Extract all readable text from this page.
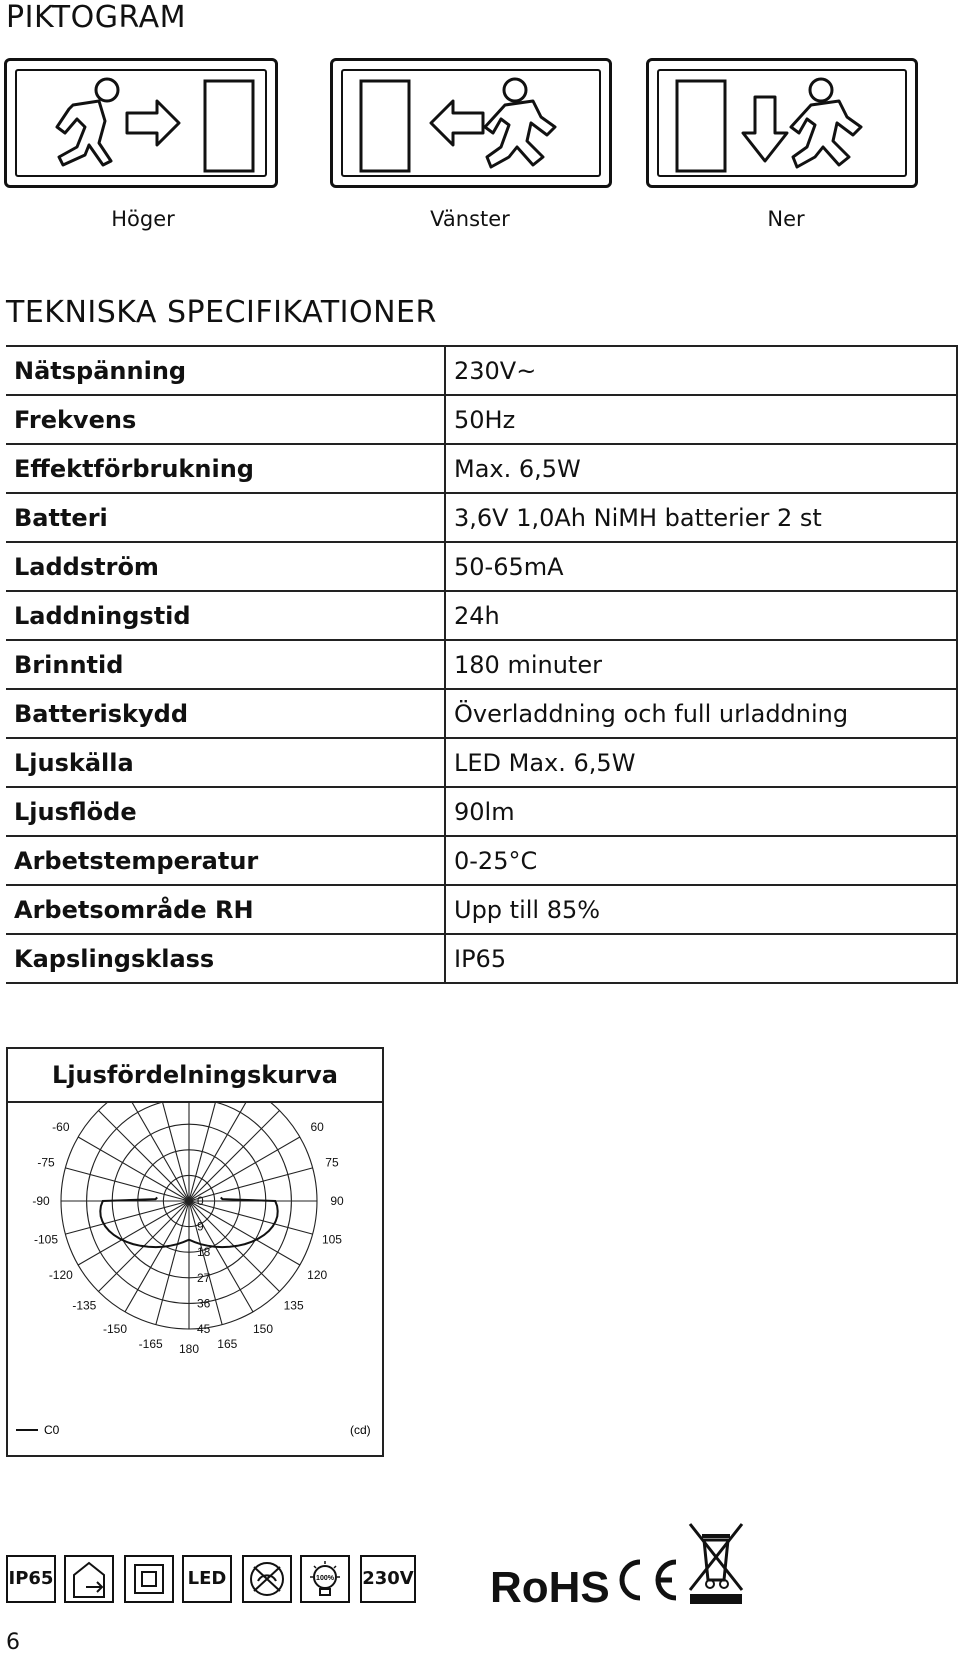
PIKTOGRAM
Höger	Vänster	Ner
TEKNISKA SPECIFIKATIONER
Nätspänning	230V~
Frekvens	50Hz
Effektförbrukning	Max. 6,5W
Batteri	3,6V 1,0Ah NiMH batterier 2 st
Laddström	50-65mA
Laddningstid	24h
Brinntid	180 minuter
Batteriskydd	Överladdning och full urladdning
Ljuskälla	LED Max. 6,5W
Ljusflöde	90lm
Arbetstemperatur	0-25°C
Arbetsområde RH	Upp till 85%
Kapslingsklass	IP65
Ljusfördelningskurva
180 165
-165
150
-150
135
-135
120
-120
105
-105
90
-90
75
-75
60
-60
0
9
18
27
36
45
C0	(cd)
IP65	LED	100% 230V RoHS
6
